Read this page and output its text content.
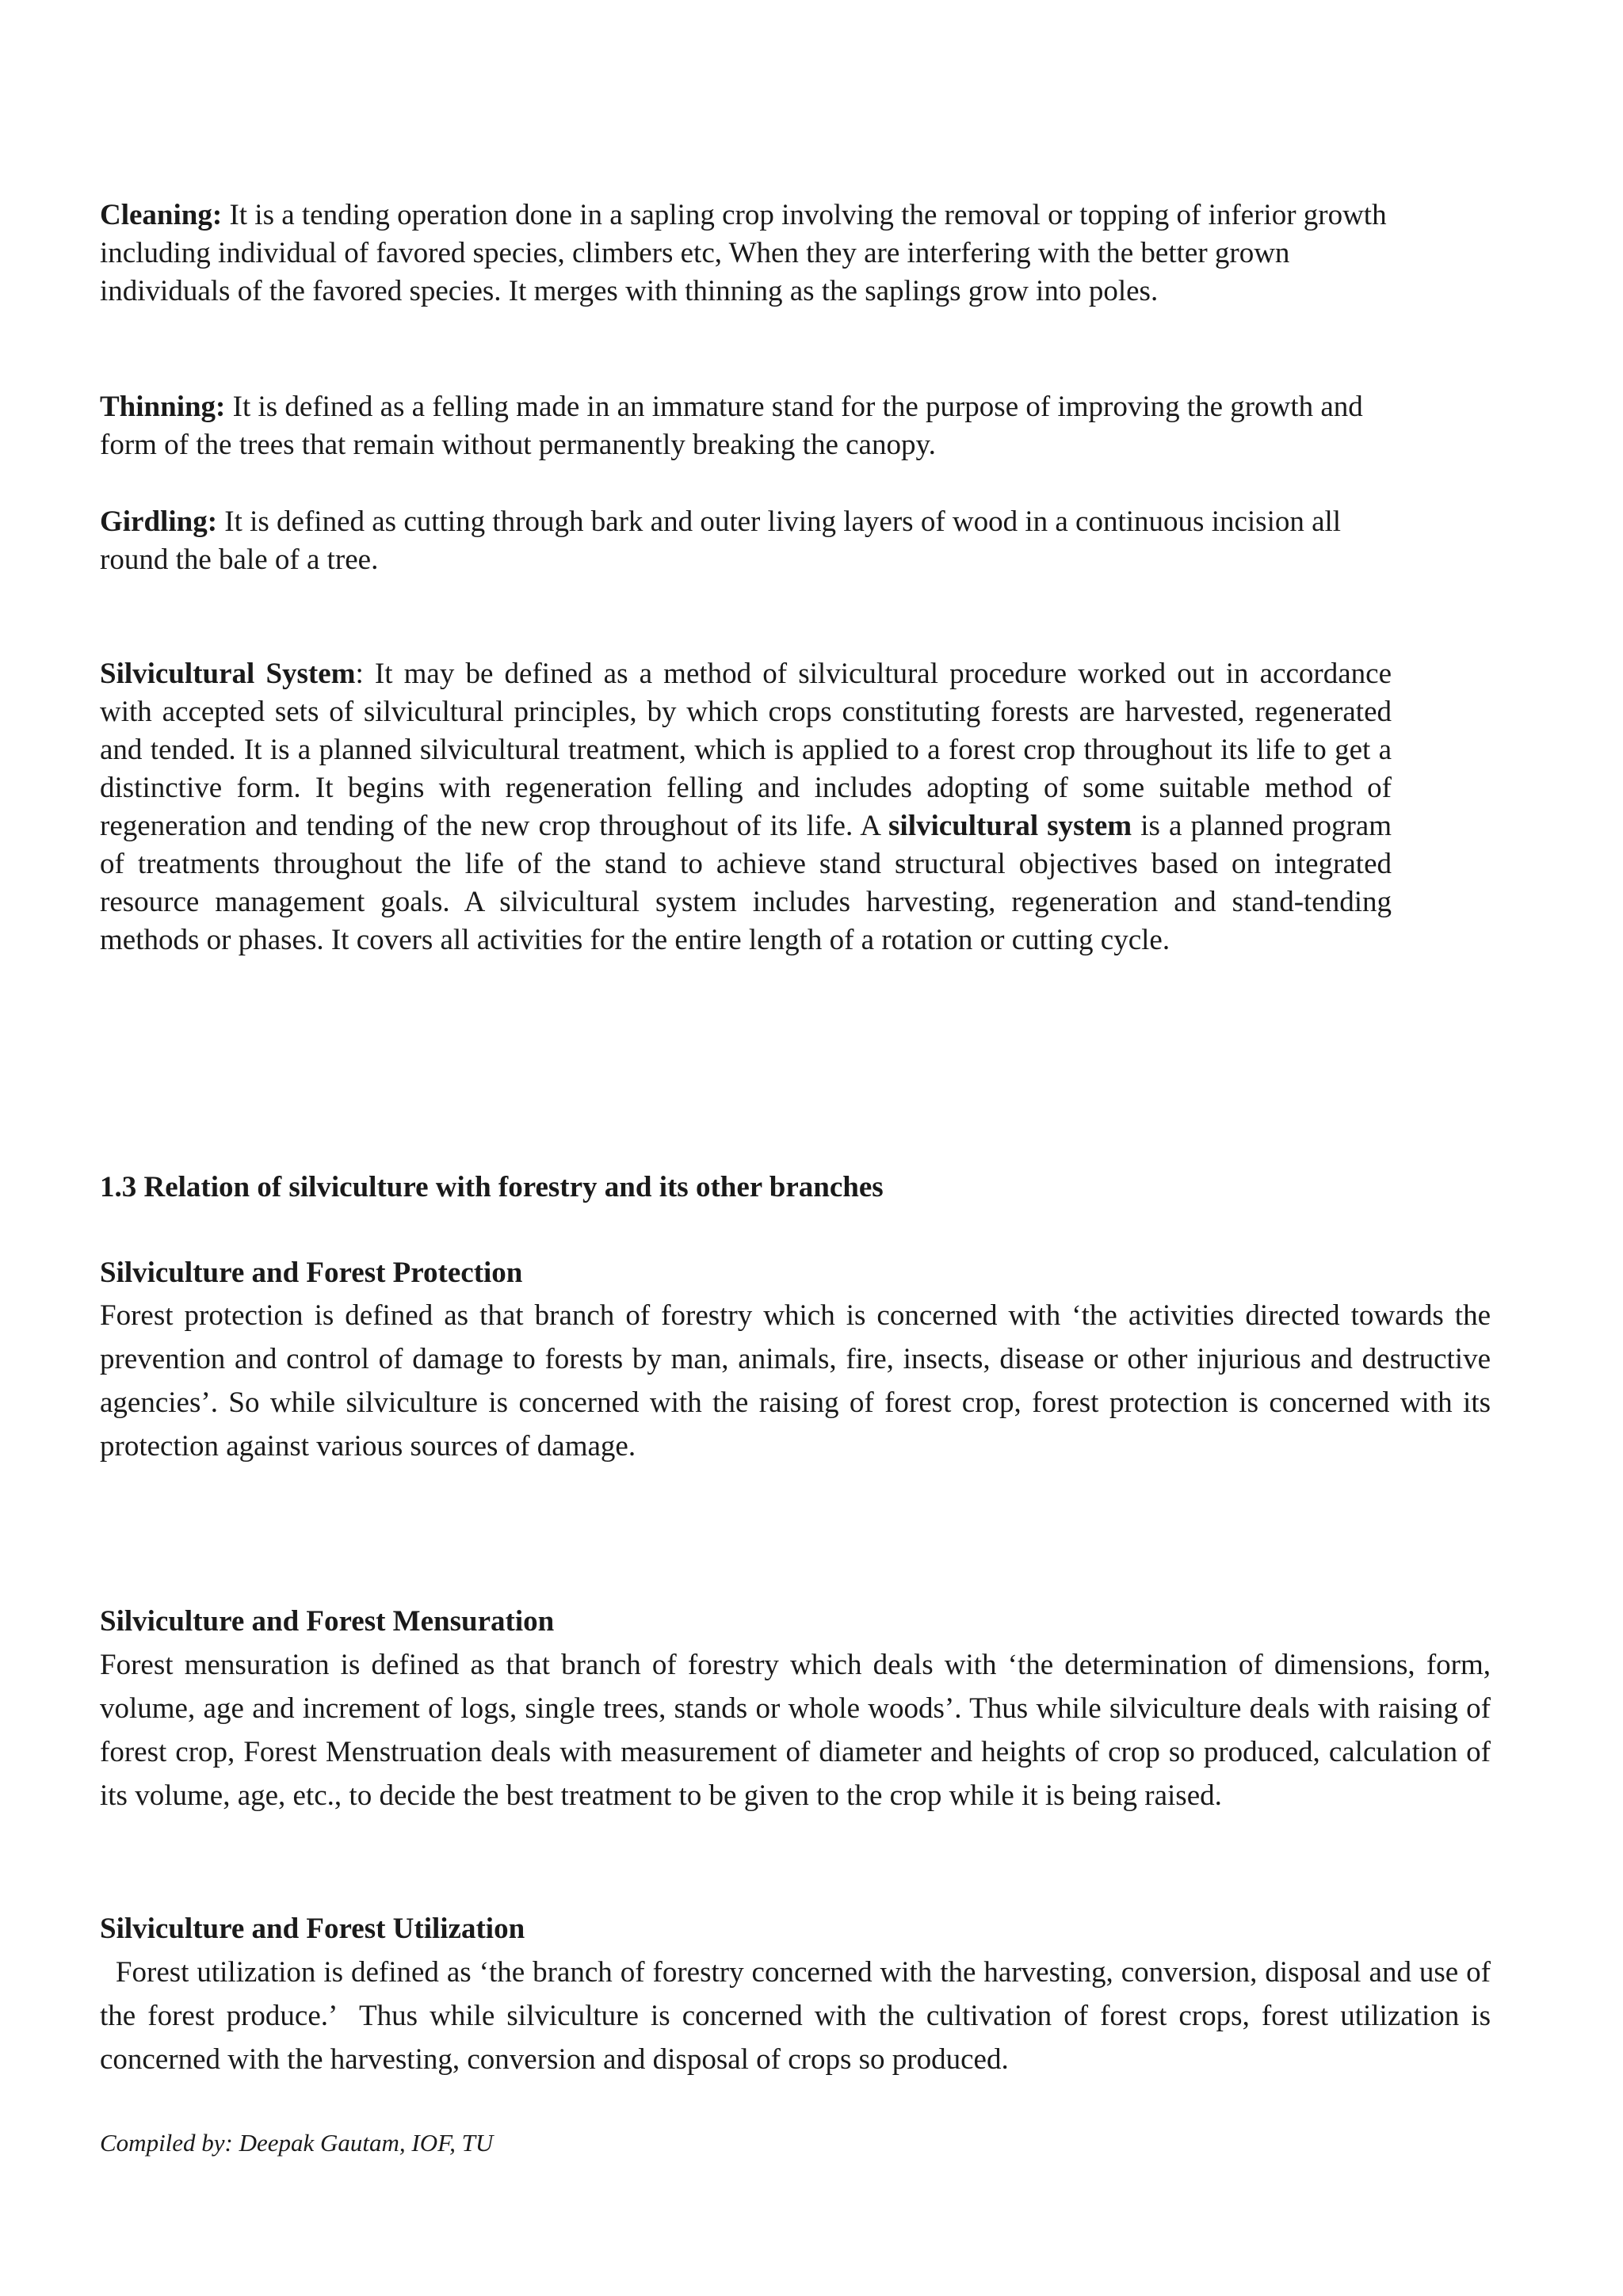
Cleaning: It is a tending operation done in a sapling crop involving the removal or topping of inferior growth including individual of favored species, climbers etc, When they are interfering with the better grown individuals of the favored species. It merges with thinning as the saplings grow into poles.

Thinning: It is defined as a felling made in an immature stand for the purpose of improving the growth and form of the trees that remain without permanently breaking the canopy.

Girdling: It is defined as cutting through bark and outer living layers of wood in a continuous incision all round the bale of a tree.

Silvicultural System: It may be defined as a method of silvicultural procedure worked out in accordance with accepted sets of silvicultural principles, by which crops constituting forests are harvested, regenerated and tended. It is a planned silvicultural treatment, which is applied to a forest crop throughout its life to get a distinctive form. It begins with regeneration felling and includes adopting of some suitable method of regeneration and tending of the new crop throughout of its life. A silvicultural system is a planned program of treatments throughout the life of the stand to achieve stand structural objectives based on integrated resource management goals. A silvicultural system includes harvesting, regeneration and stand-tending methods or phases. It covers all activities for the entire length of a rotation or cutting cycle.

1.3 Relation of silviculture with forestry and its other branches
Silviculture and Forest Protection

Forest protection is defined as that branch of forestry which is concerned with ‘the activities directed towards the prevention and control of damage to forests by man, animals, fire, insects, disease or other injurious and destructive agencies’. So while silviculture is concerned with the raising of forest crop, forest protection is concerned with its protection against various sources of damage.

Silviculture and Forest Mensuration

Forest mensuration is defined as that branch of forestry which deals with ‘the determination of dimensions, form, volume, age and increment of logs, single trees, stands or whole woods’. Thus while silviculture deals with raising of forest crop, Forest Menstruation deals with measurement of diameter and heights of crop so produced, calculation of its volume, age, etc., to decide the best treatment to be given to the crop while it is being raised.

Silviculture and Forest Utilization

Forest utilization is defined as ‘the branch of forestry concerned with the harvesting, conversion, disposal and use of the forest produce.’  Thus while silviculture is concerned with the cultivation of forest crops, forest utilization is concerned with the harvesting, conversion and disposal of crops so produced.

Compiled by: Deepak Gautam, IOF, TU
